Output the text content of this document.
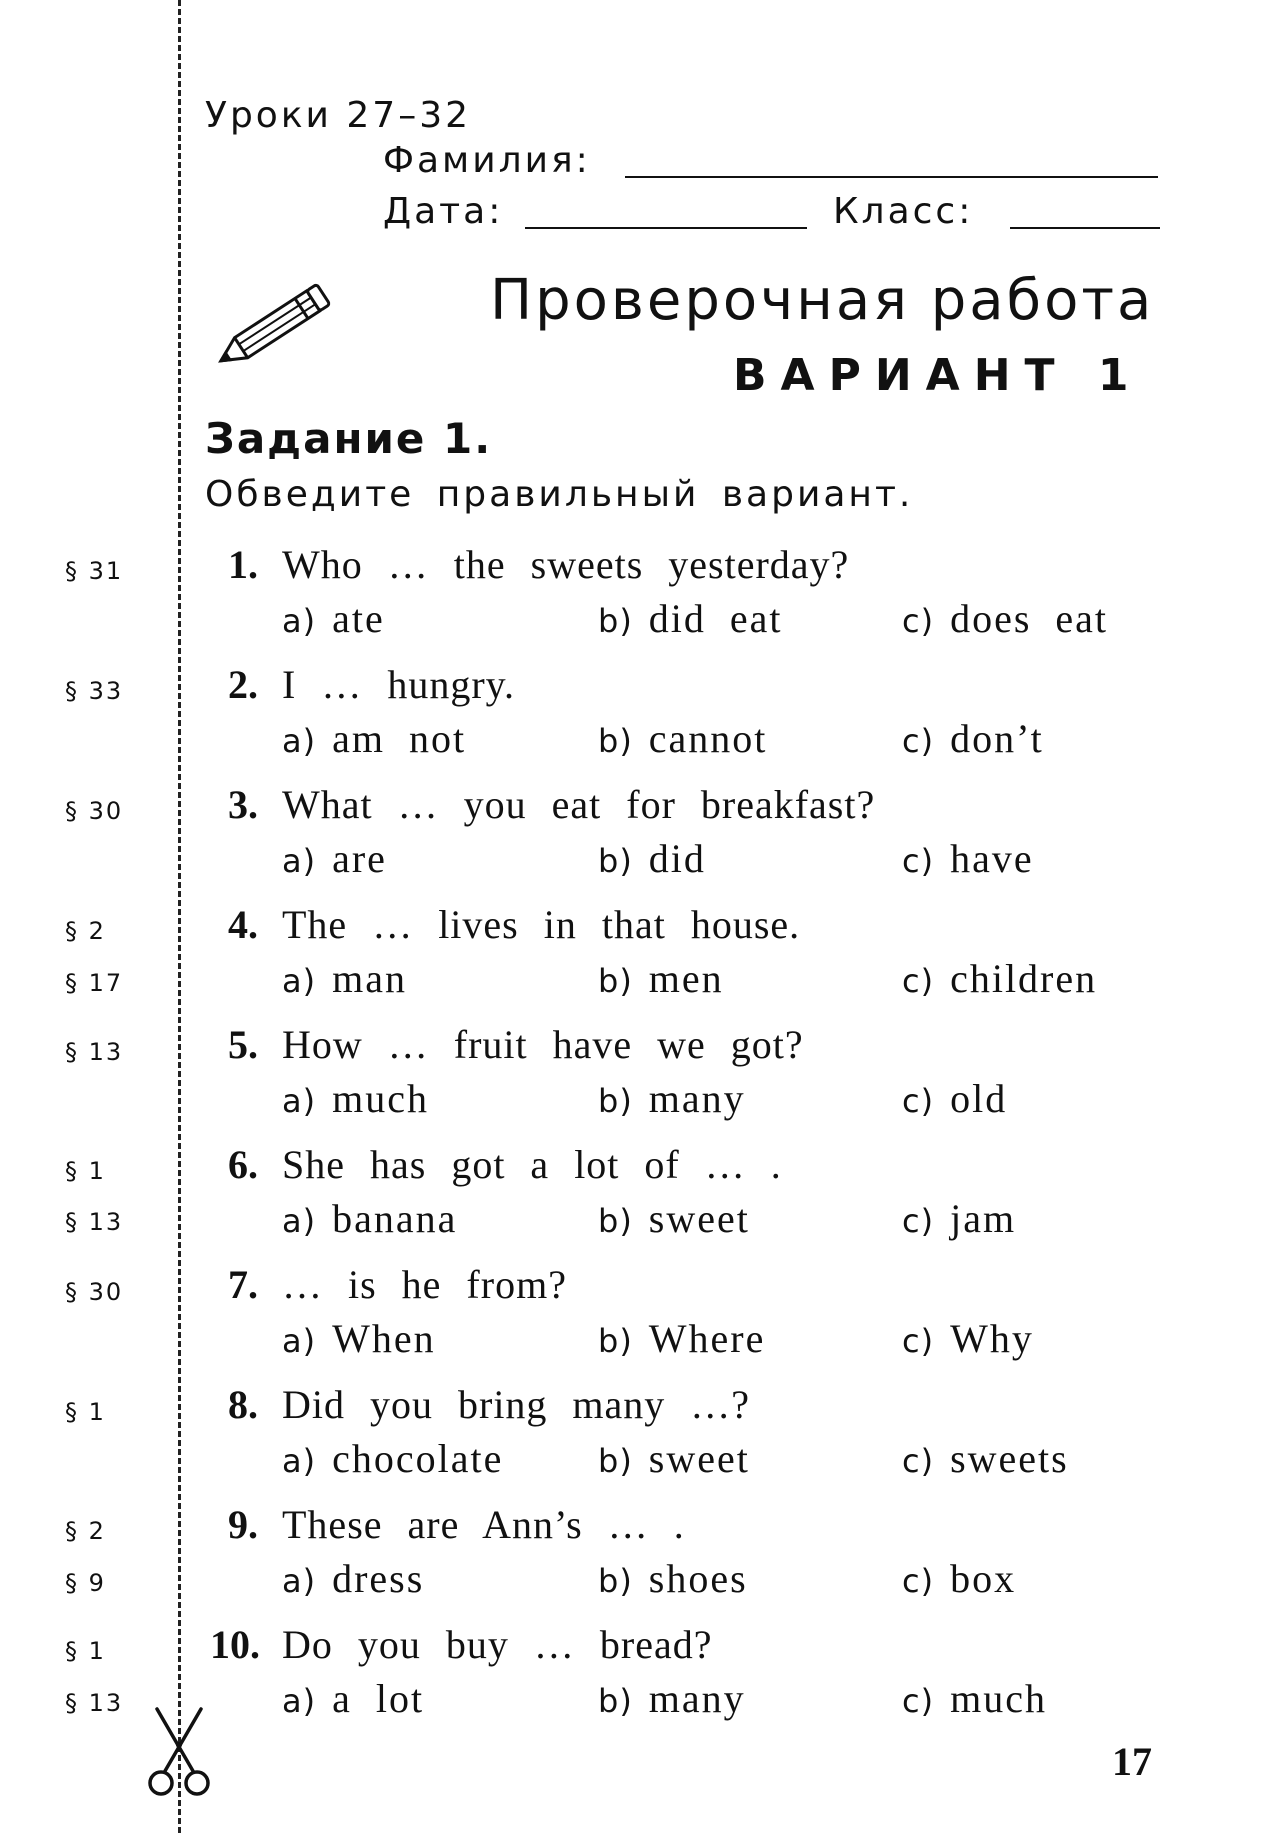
Уроки 27–32
Фамилия:
Дата:	Класс:
Проверочная работа
ВАРИАНТ 1
Задание 1.
Обведите правильный вариант.
§ 31
§ 33
§ 30
§ 2
§ 17
§ 13
§ 1
§ 13
§ 30
§ 1
§ 2
§ 9
§ 1
§ 13
1. Who … the sweets yesterday?
a) ate	b) did eat	c) does eat
2. I … hungry.
a) am not	b) cannot	c) don’t
3. What … you eat for breakfast?
a) are	b) did	c) have
4. The … lives in that house.
a) man	b) men	c) children
5. How … fruit have we got?
a) much	b) many	c) old
6. She has got a lot of … .
a) banana	b) sweet	c) jam
7. … is he from?
a) When	b) Where	c) Why
8. Did you bring many …?
a) chocolate	b) sweet	c) sweets
9. These are Ann’s … .
a) dress	b) shoes	c) box
10. Do you buy … bread?
a) a lot	b) many	c) much
17
